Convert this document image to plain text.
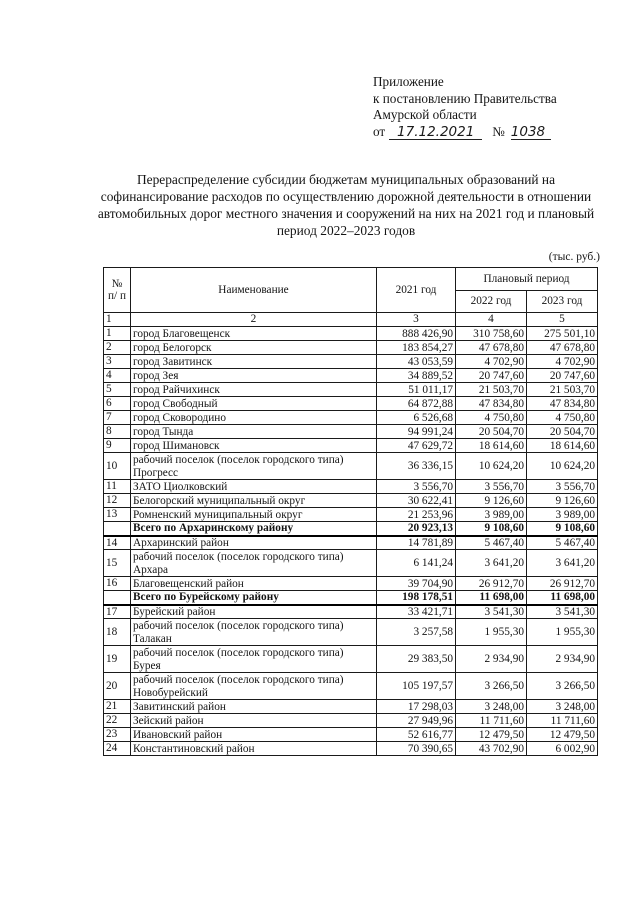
Приложение
к постановлению Правительства
Амурской области
от 17.12.2021 № 1038
Перераспределение субсидии бюджетам муниципальных образований на софинансирование расходов по осуществлению дорожной деятельности в отношении автомобильных дорог местного значения и сооружений на них на 2021 год и плановый период 2022–2023 годов
(тыс. руб.)
№ п/ п	Наименование	2021 год	Плановый период	
			2022 год	2023 год
1	2	3	4	5
1	город Благовещенск	888 426,90	310 758,60	275 501,10
2	город Белогорск	183 854,27	47 678,80	47 678,80
3	город Завитинск	43 053,59	4 702,90	4 702,90
4	город Зея	34 889,52	20 747,60	20 747,60
5	город Райчихинск	51 011,17	21 503,70	21 503,70
6	город Свободный	64 872,88	47 834,80	47 834,80
7	город Сковородино	6 526,68	4 750,80	4 750,80
8	город Тында	94 991,24	20 504,70	20 504,70
9	город Шимановск	47 629,72	18 614,60	18 614,60
10	рабочий поселок (поселок городского типа) Прогресс	36 336,15	10 624,20	10 624,20
11	ЗАТО Циолковский	3 556,70	3 556,70	3 556,70
12	Белогорский муниципальный округ	30 622,41	9 126,60	9 126,60
13	Ромненский муниципальный округ	21 253,96	3 989,00	3 989,00
	Всего по Архаринскому району	20 923,13	9 108,60	9 108,60
14	Архаринский район	14 781,89	5 467,40	5 467,40
15	рабочий поселок (поселок городского типа) Архара	6 141,24	3 641,20	3 641,20
16	Благовещенский район	39 704,90	26 912,70	26 912,70
	Всего по Бурейскому району	198 178,51	11 698,00	11 698,00
17	Бурейский район	33 421,71	3 541,30	3 541,30
18	рабочий поселок (поселок городского типа) Талакан	3 257,58	1 955,30	1 955,30
19	рабочий поселок (поселок городского типа) Бурея	29 383,50	2 934,90	2 934,90
20	рабочий поселок (поселок городского типа) Новобурейский	105 197,57	3 266,50	3 266,50
21	Завитинский район	17 298,03	3 248,00	3 248,00
22	Зейский район	27 949,96	11 711,60	11 711,60
23	Ивановский район	52 616,77	12 479,50	12 479,50
24	Константиновский район	70 390,65	43 702,90	6 002,90
